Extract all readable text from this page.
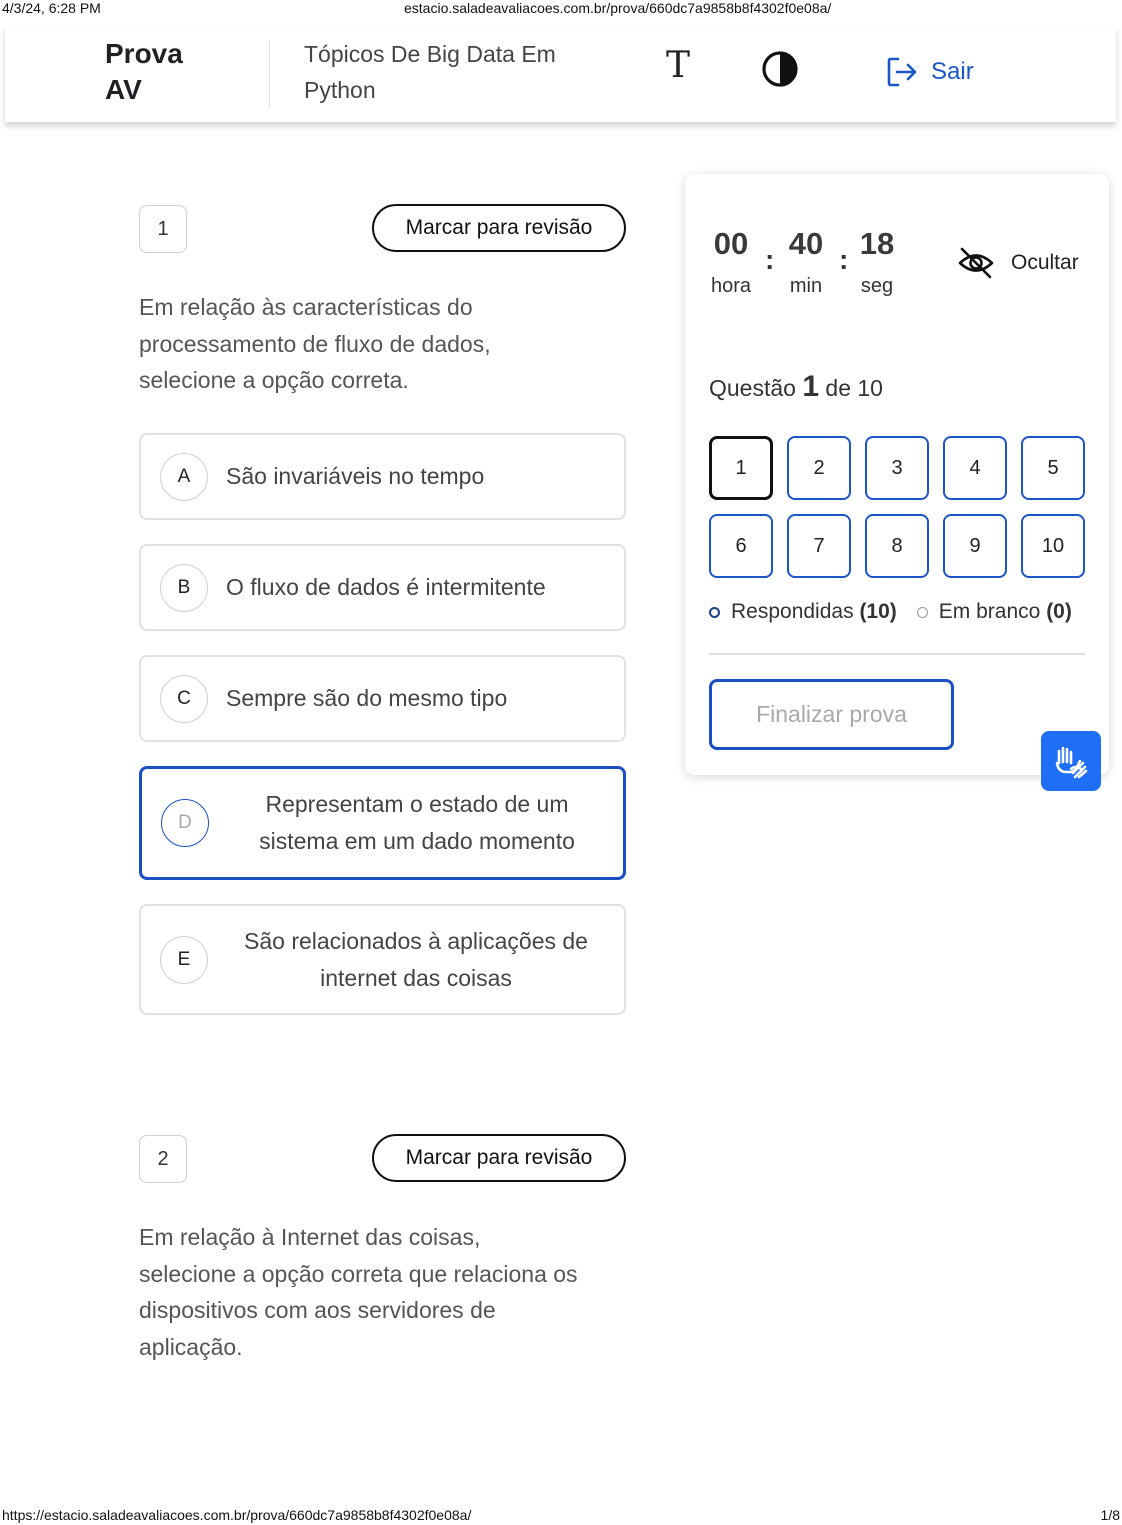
4/3/24, 6:28 PM	estacio.saladeavaliacoes.com.br/prova/660dc7a9858b8f4302f0e08a/
Prova
AV
Tópicos De Big Data Em
Python
T	Sair
1	Marcar para revisão
Em relação às características do
processamento de fluxo de dados,
selecione a opção correta.
A	São invariáveis no tempo
B	O fluxo de dados é intermitente
C	Sempre são do mesmo tipo
D
Representam o estado de um
sistema em um dado momento
E
São relacionados à aplicações de
internet das coisas
2	Marcar para revisão
Em relação à Internet das coisas,
selecione a opção correta que relaciona os
dispositivos com aos servidores de
aplicação.
00 : 40 : 18
hora	min	seg
Ocultar
Questão 1 de 10
1	2	3	4	5
6	7	8	9	10
Respondidas
(10) Em branco
(0)
Finalizar prova
https://estacio.saladeavaliacoes.com.br/prova/660dc7a9858b8f4302f0e08a/	1/8
